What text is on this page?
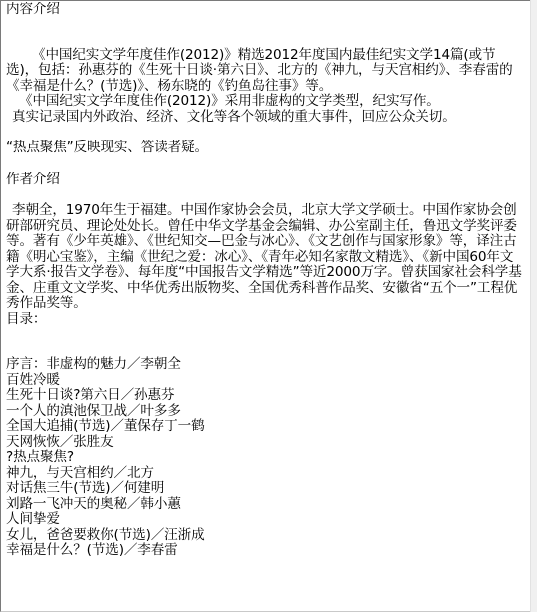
内容介绍
《中国纪实文学年度佳作(2012)》精选2012年度国内最佳纪实文学14篇(或节选)，包括：孙惠芬的《生死十日谈·第六日》、北方的《神九，与天宫相约》、李春雷的《幸福是什么？(节选)》、杨东晓的《钓鱼岛往事》等。
《中国纪实文学年度佳作(2012)》采用非虚构的文学类型，纪实写作。
真实记录国内外政治、经济、文化等各个领域的重大事件，回应公众关切。
“热点聚焦”反映现实、答读者疑。
作者介绍
李朝全，1970年生于福建。中国作家协会会员，北京大学文学硕士。中国作家协会创研部研究员、理论处处长。曾任中华文学基金会编辑、办公室副主任，鲁迅文学奖评委等。著有《少年英雄》、《世纪知交—巴金与冰心》、《文艺创作与国家形象》等，译注古籍《明心宝鉴》，主编《世纪之爱：冰心》、《青年必知名家散文精选》、《新中国60年文学大系·报告文学卷》、每年度“中国报告文学精选”等近2000万字。曾获国家社会科学基金、庄重文文学奖、中华优秀出版物奖、全国优秀科普作品奖、安徽省“五个一”工程优秀作品奖等。
目录：
序言：非虚构的魅力／李朝全
百姓冷暖
生死十日谈?第六日／孙惠芬
一个人的滇池保卫战／叶多多
全国大追捕(节选)／董保存丁一鹤
天网恢恢／张胜友
?热点聚焦?
神九，与天宫相约／北方
对话焦三牛(节选)／何建明
刘路一飞冲天的奥秘／韩小蕙
人间挚爱
女儿，爸爸要救你(节选)／汪浙成
幸福是什么？(节选)／李春雷
